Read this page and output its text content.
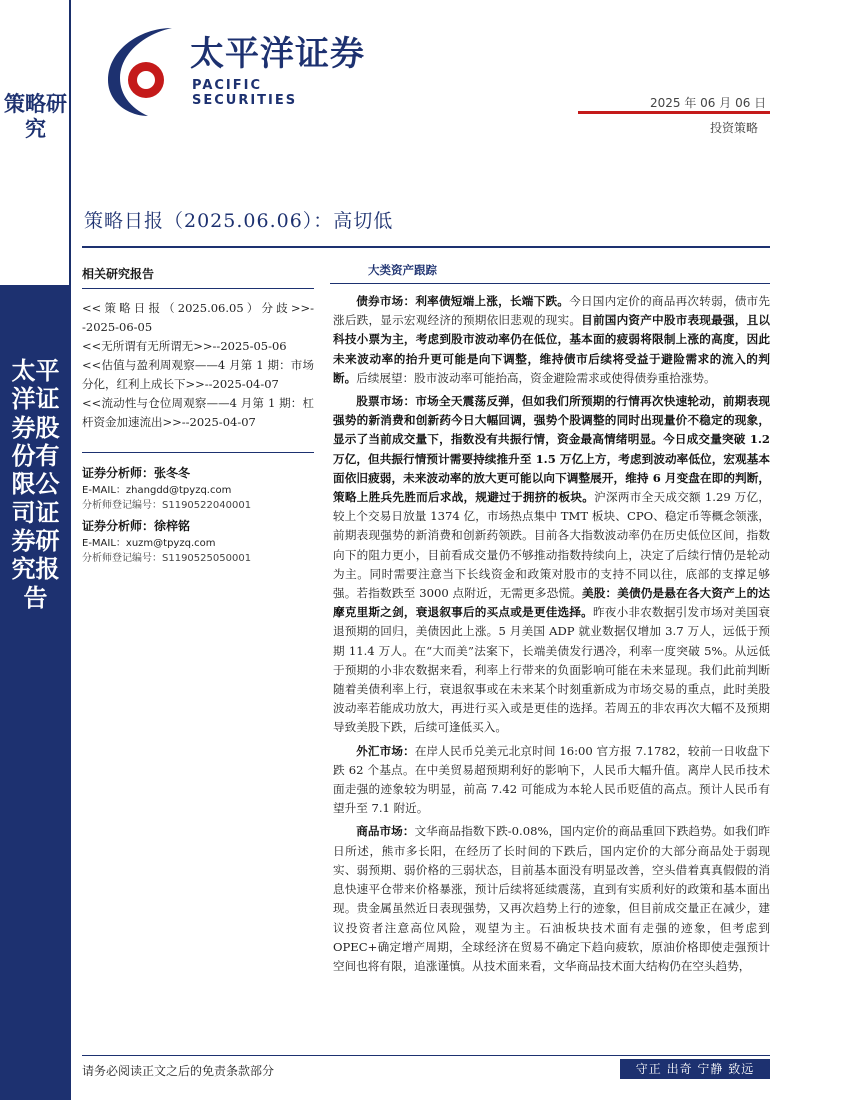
策略研究
太平洋证券股份有限公司证券研究报告
太平洋证券
PACIFIC SECURITIES	2025 年 06 月 06 日
投资策略
策略日报（2025.06.06）：高切低
相关研究报告
<<策略日报（2025.06.05）分歧>>--2025-06-05
<<无所谓有无所谓无>>--2025-05-06
<<估值与盈利周观察——4 月第 1 期：市场分化，红利上成长下>>--2025-04-07
<<流动性与仓位周观察——4 月第 1 期：杠杆资金加速流出>>--2025-04-07
证券分析师：张冬冬
E-MAIL：zhangdd@tpyzq.com
分析师登记编号：S1190522040001
证券分析师：徐梓铭
E-MAIL：xuzm@tpyzq.com
分析师登记编号：S1190525050001
大类资产跟踪

债券市场：利率债短端上涨，长端下跌。今日国内定价的商品再次转弱，债市先涨后跌，显示宏观经济的预期依旧悲观的现实。目前国内资产中股市表现最强，且以科技小票为主，考虑到股市波动率仍在低位，基本面的疲弱将限制上涨的高度，因此未来波动率的抬升更可能是向下调整，维持债市后续将受益于避险需求的流入的判断。后续展望：股市波动率可能抬高，资金避险需求或使得债券重拾涨势。

股票市场：市场全天震荡反弹，但如我们所预期的行情再次快速轮动，前期表现强势的新消费和创新药今日大幅回调，强势个股调整的同时出现量价不稳定的现象，显示了当前成交量下，指数没有共振行情，资金最高情绪明显。今日成交量突破 1.2 万亿，但共振行情预计需要持续推升至 1.5 万亿上方，考虑到波动率低位，宏观基本面依旧疲弱，未来波动率的放大更可能以向下调整展开，维持 6 月变盘在即的判断，策略上胜兵先胜而后求战，规避过于拥挤的板块。沪深两市全天成交额 1.29 万亿，较上个交易日放量 1374 亿，市场热点集中 TMT 板块、CPO、稳定币等概念领涨，前期表现强势的新消费和创新药领跌。目前各大指数波动率仍在历史低位区间，指数向下的阻力更小，目前看成交量仍不够推动指数持续向上，决定了后续行情仍是轮动为主。同时需要注意当下长线资金和政策对股市的支持不同以往，底部的支撑足够强。若指数跌至 3000 点附近，无需更多恐慌。美股：美债仍是悬在各大资产上的达摩克里斯之剑，衰退叙事后的买点或是更佳选择。昨夜小非农数据引发市场对美国衰退预期的回归，美债因此上涨。5 月美国 ADP 就业数据仅增加 3.7 万人，远低于预期 11.4 万人。在“大而美”法案下，长端美债发行遇冷，利率一度突破 5%。从远低于预期的小非农数据来看，利率上行带来的负面影响可能在未来显现。我们此前判断随着美债利率上行，衰退叙事或在未来某个时刻重新成为市场交易的重点，此时美股波动率若能成功放大，再进行买入或是更佳的选择。若周五的非农再次大幅不及预期导致美股下跌，后续可逢低买入。

外汇市场：在岸人民币兑美元北京时间 16:00 官方报 7.1782，较前一日收盘下跌 62 个基点。在中美贸易超预期利好的影响下，人民币大幅升值。离岸人民币技术面走强的迹象较为明显，前高 7.42 可能成为本轮人民币贬值的高点。预计人民币有望升至 7.1 附近。

商品市场：文华商品指数下跌-0.08%，国内定价的商品重回下跌趋势。如我们昨日所述，熊市多长阳，在经历了长时间的下跌后，国内定价的大部分商品处于弱现实、弱预期、弱价格的三弱状态，目前基本面没有明显改善，空头借着真真假假的消息快速平仓带来价格暴涨，预计后续将延续震荡，直到有实质利好的政策和基本面出现。贵金属虽然近日表现强势，又再次趋势上行的迹象，但目前成交量正在减少，建议投资者注意高位风险，观望为主。石油板块技术面有走强的迹象，但考虑到 OPEC+确定增产周期，全球经济在贸易不确定下趋向疲软，原油价格即使走强预计空间也将有限，追涨谨慎。从技术面来看，文华商品技术面大结构仍在空头趋势，

请务必阅读正文之后的免责条款部分	守正 出奇 宁静 致远
